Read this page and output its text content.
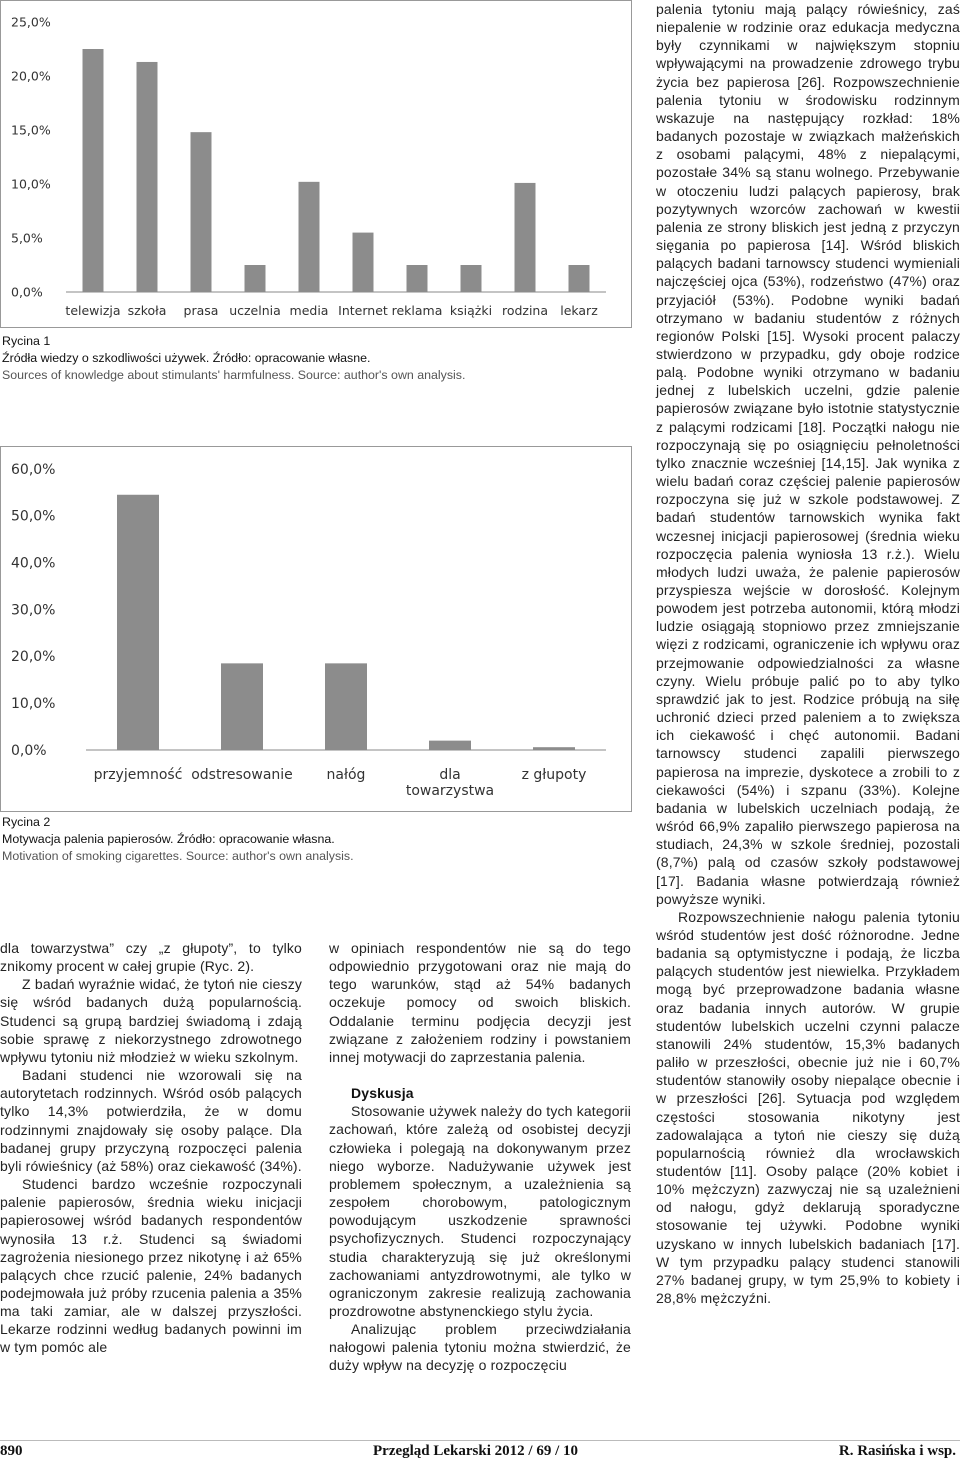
0,0%
5,0%
10,0%
15,0%
20,0%
25,0%
telewizja szkoła prasa uczelnia media Internet reklama książki rodzina lekarz
Rycina 1
Źródła wiedzy o szkodliwości używek. Źródło: opracowanie własne.
Sources of knowledge about stimulants' harmfulness. Source: author's own analysis.
0,0%
10,0%
20,0%
30,0%
40,0%
50,0%
60,0%
przyjemność odstresowanie nałóg	dla
towarzystwa
z głupoty
Rycina 2
Motywacja palenia papierosów. Źródło: opracowanie własna.
Motivation of smoking cigarettes. Source: author's own analysis.

dla towarzystwa” czy „z głupoty”, to tylko znikomy procent w całej grupie (Ryc. 2).

Z badań wyraźnie widać, że tytoń nie cieszy się wśród badanych dużą popularnością. Studenci są grupą bardziej świadomą i zdają sobie sprawę z niekorzystnego zdrowotnego wpływu tytoniu niż młodzież w wieku szkolnym.

Badani studenci nie wzorowali się na autorytetach rodzinnych. Wśród osób palących tylko 14,3% potwierdziła, że w domu rodzinnymi znajdowały się osoby palące. Dla badanej grupy przyczyną rozpoczęci palenia byli rówieśnicy (aż 58%) oraz ciekawość (34%).

Studenci bardzo wcześnie rozpoczynali palenie papierosów, średnia wieku inicjacji papierosowej wśród badanych respondentów wynosiła 13 r.ż. Studenci są świadomi zagrożenia niesionego przez nikotynę i aż 65% palących chce rzucić palenie, 24% badanych podejmowała już próby rzucenia palenia a 35% ma taki zamiar, ale w dalszej przyszłości. Lekarze rodzinni według badanych powinni im w tym pomóc ale

w opiniach respondentów nie są do tego odpowiednio przygotowani oraz nie mają do tego warunków, stąd aż 54% badanych oczekuje pomocy od swoich bliskich. Oddalanie terminu podjęcia decyzji jest związane z założeniem rodziny i powstaniem innej motywacji do zaprzestania palenia.

Dyskusja

Stosowanie używek należy do tych kategorii zachowań, które zależą od osobistej decyzji człowieka i polegają na dokonywanym przez niego wyborze. Nadużywanie używek jest problemem społecznym, a uzależnienia są zespołem chorobowym, patologicznym powodującym uszkodzenie sprawności psychofizycznych. Studenci rozpoczynający studia charakteryzują się już określonymi zachowaniami antyzdrowotnymi, ale tylko w ograniczonym zakresie realizują zachowania prozdrowotne abstynenckiego stylu życia.

Analizując problem przeciwdziałania nałogowi palenia tytoniu można stwierdzić, że duży wpływ na decyzję o rozpoczęciu

palenia tytoniu mają palący rówieśnicy, zaś niepalenie w rodzinie oraz edukacja medyczna były czynnikami w największym stopniu wpływającymi na prowadzenie zdrowego trybu życia bez papierosa [26]. Rozpowszechnienie palenia tytoniu w środowisku rodzinnym wskazuje na następujący rozkład: 18% badanych pozostaje w związkach małżeńskich z osobami palącymi, 48% z niepalącymi, pozostałe 34% są stanu wolnego. Przebywanie w otoczeniu ludzi palących papierosy, brak pozytywnych wzorców zachowań w kwestii palenia ze strony bliskich jest jedną z przyczyn sięgania po papierosa [14]. Wśród bliskich palących badani tarnowscy studenci wymieniali najczęściej ojca (53%), rodzeństwo (47%) oraz przyjaciół (53%). Podobne wyniki badań otrzymano w badaniu studentów z różnych regionów Polski [15]. Wysoki procent palaczy stwierdzono w przypadku, gdy oboje rodzice palą. Podobne wyniki otrzymano w badaniu jednej z lubelskich uczelni, gdzie palenie papierosów związane było istotnie statystycznie z palącymi rodzicami [18]. Początki nałogu nie rozpoczynają się po osiągnięciu pełnoletności tylko znacznie wcześniej [14,15]. Jak wynika z wielu badań coraz częściej palenie papierosów rozpoczyna się już w szkole podstawowej. Z badań studentów tarnowskich wynika fakt wczesnej inicjacji papierosowej (średnia wieku rozpoczęcia palenia wyniosła 13 r.ż.). Wielu młodych ludzi uważa, że palenie papierosów przyspiesza wejście w dorosłość. Kolejnym powodem jest potrzeba autonomii, którą młodzi ludzie osiągają stopniowo przez zmniejszanie więzi z rodzicami, ograniczenie ich wpływu oraz przejmowanie odpowiedzialności za własne czyny. Wielu próbuje palić po to aby tylko sprawdzić jak to jest. Rodzice próbują na siłę uchronić dzieci przed paleniem a to zwiększa ich ciekawość i chęć autonomii. Badani tarnowscy studenci zapalili pierwszego papierosa na imprezie, dyskotece a zrobili to z ciekawości (54%) i szpanu (33%). Kolejne badania w lubelskich uczelniach podają, że wśród 66,9% zapaliło pierwszego papierosa na studiach, 24,3% w szkole średniej, pozostali (8,7%) palą od czasów szkoły podstawowej [17]. Badania własne potwierdzają również powyższe wyniki.

Rozpowszechnienie nałogu palenia tytoniu wśród studentów jest dość różnorodne. Jedne badania są optymistyczne i podają, że liczba palących studentów jest niewielka. Przykładem mogą być przeprowadzone badania własne oraz badania innych autorów. W grupie studentów lubelskich uczelni czynni palacze stanowili 24% studentów, 15,3% badanych paliło w przeszłości, obecnie już nie i 60,7% studentów stanowiły osoby niepalące obecnie i w przeszłości [26]. Sytuacja pod względem częstości stosowania nikotyny jest zadowalająca a tytoń nie cieszy się dużą popularnością również dla wrocławskich studentów [11]. Osoby palące (20% kobiet i 10% mężczyzn) zazwyczaj nie są uzależnieni od nałogu, gdyż deklarują sporadyczne stosowanie tej używki. Podobne wyniki uzyskano w innych lubelskich badaniach [17]. W tym przypadku palący studenci stanowili 27% badanej grupy, w tym 25,9% to kobiety i 28,8% mężczyźni.

890	Przegląd Lekarski 2012 / 69 / 10	R. Rasińska i wsp.
